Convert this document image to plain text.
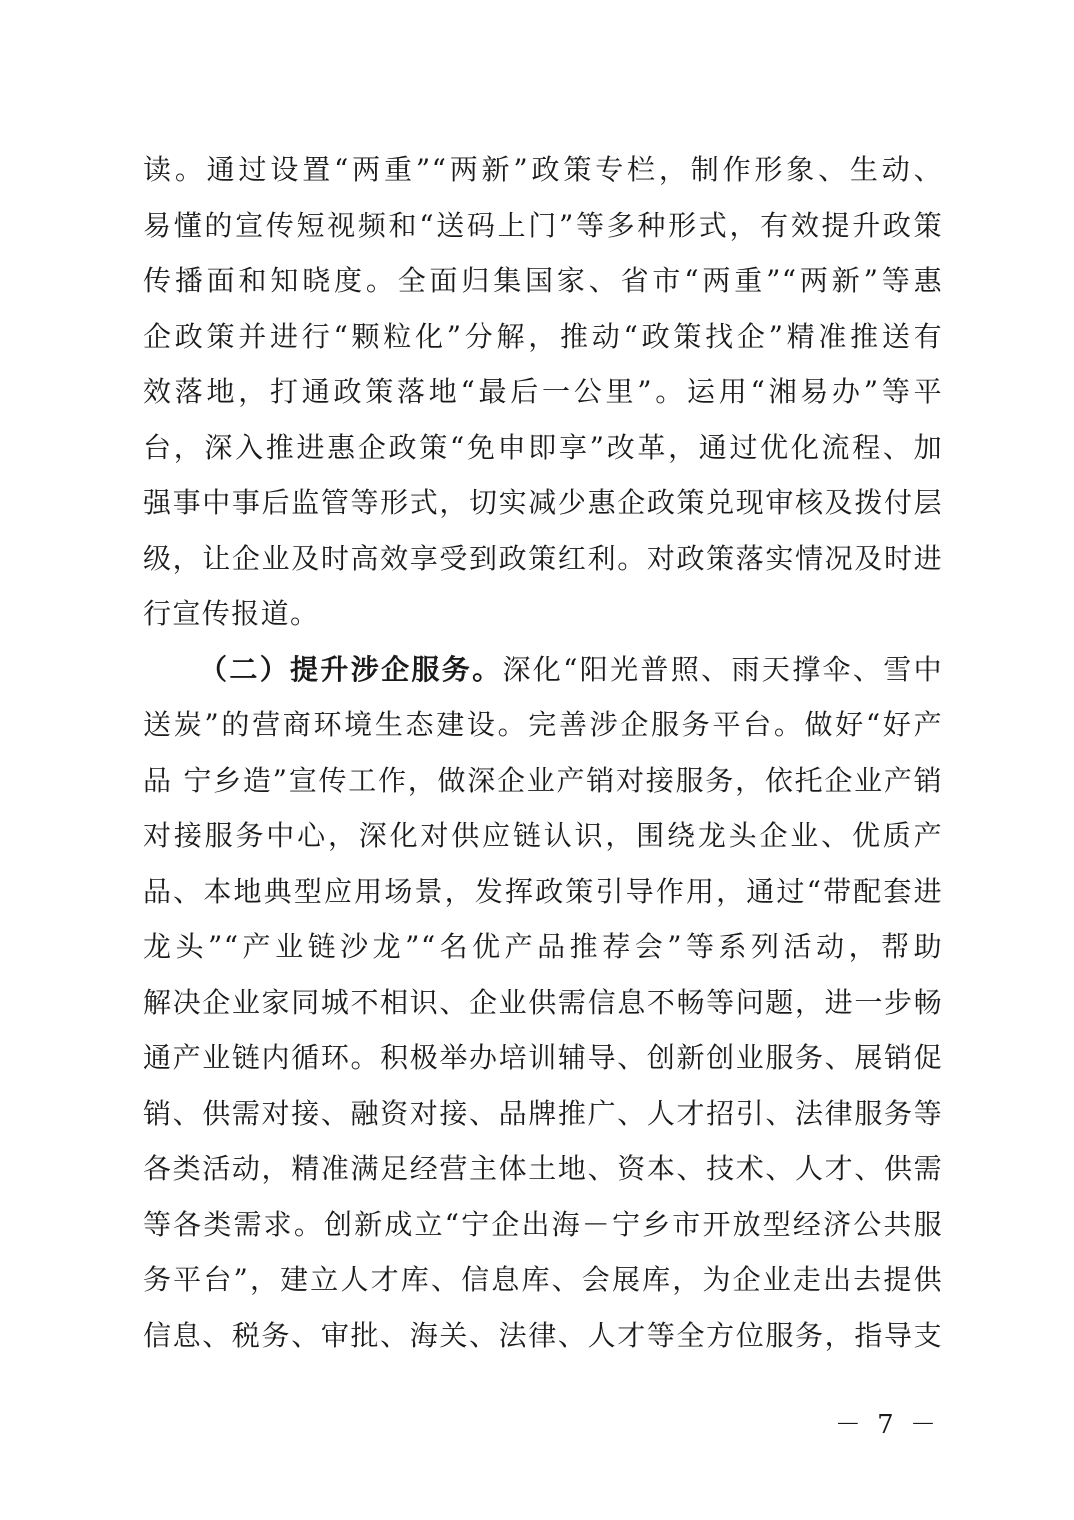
读。通过设置“两重”“两新”政策专栏，制作形象、生动、
易懂的宣传短视频和“送码上门”等多种形式，有效提升政策
传播面和知晓度。全面归集国家、省市“两重”“两新”等惠
企政策并进行“颗粒化”分解，推动“政策找企”精准推送有
效落地，打通政策落地“最后一公里”。运用“湘易办”等平
台，深入推进惠企政策“免申即享”改革，通过优化流程、加
强事中事后监管等形式，切实减少惠企政策兑现审核及拨付层
级，让企业及时高效享受到政策红利。对政策落实情况及时进
行宣传报道。
（二）提升涉企服务。深化“阳光普照、雨天撑伞、雪中
送炭”的营商环境生态建设。完善涉企服务平台。做好“好产
品 宁乡造”宣传工作，做深企业产销对接服务，依托企业产销
对接服务中心，深化对供应链认识，围绕龙头企业、优质产
品、本地典型应用场景，发挥政策引导作用，通过“带配套进
龙头”“产业链沙龙”“名优产品推荐会”等系列活动，帮助
解决企业家同城不相识、企业供需信息不畅等问题，进一步畅
通产业链内循环。积极举办培训辅导、创新创业服务、展销促
销、供需对接、融资对接、品牌推广、人才招引、法律服务等
各类活动，精准满足经营主体土地、资本、技术、人才、供需
等各类需求。创新成立“宁企出海－宁乡市开放型经济公共服
务平台”，建立人才库、信息库、会展库，为企业走出去提供
信息、税务、审批、海关、法律、人才等全方位服务，指导支
－ 7 －
